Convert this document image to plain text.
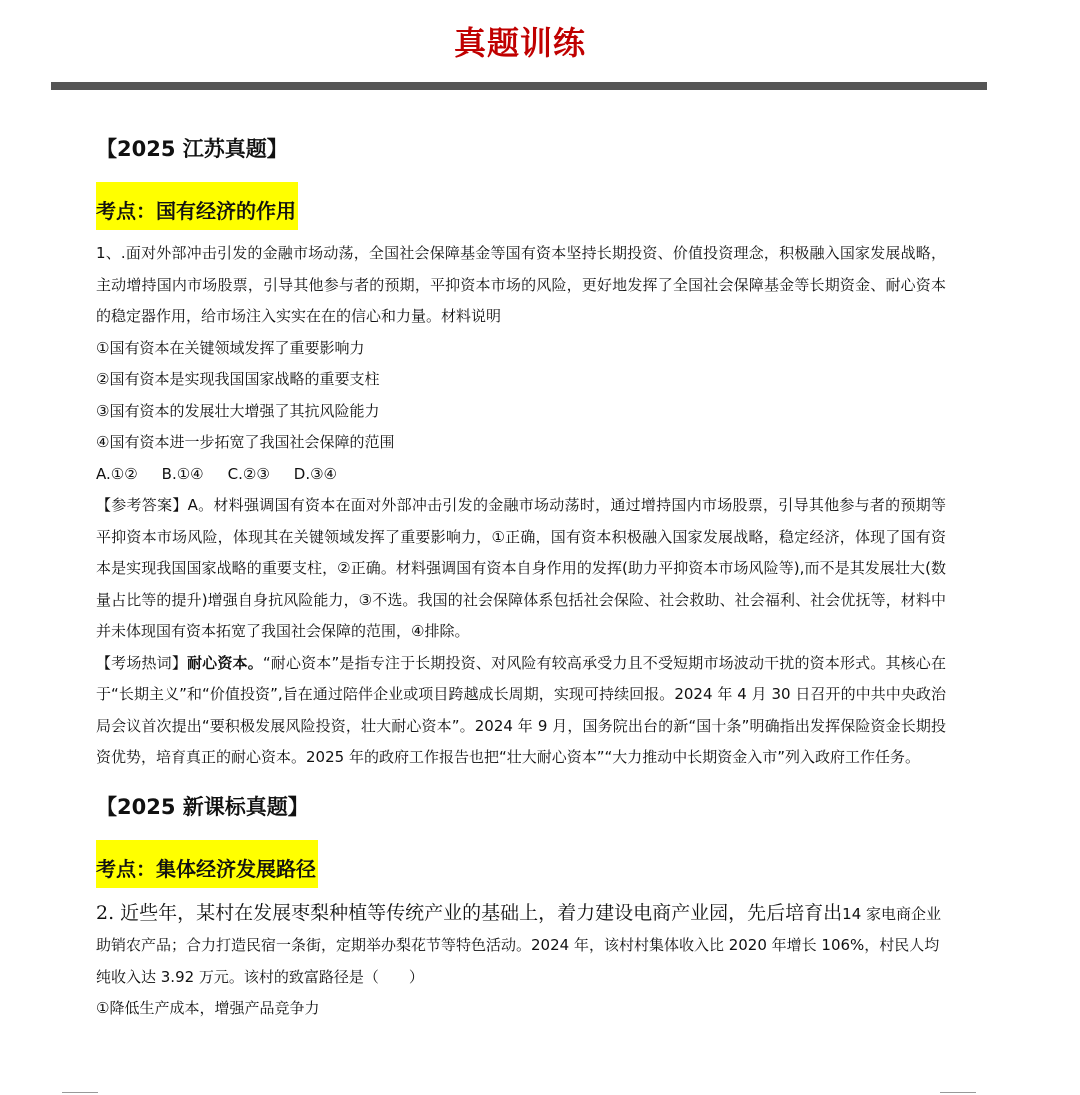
真题训练
【2025 江苏真题】
考点：国有经济的作用

1、.面对外部冲击引发的金融市场动荡，全国社会保障基金等国有资本坚持长期投资、价值投资理念，积极融入国家发展战略，主动增持国内市场股票，引导其他参与者的预期，平抑资本市场的风险，更好地发挥了全国社会保障基金等长期资金、耐心资本的稳定器作用，给市场注入实实在在的信心和力量。材料说明

①国有资本在关键领域发挥了重要影响力

②国有资本是实现我国国家战略的重要支柱

③国有资本的发展壮大增强了其抗风险能力

④国有资本进一步拓宽了我国社会保障的范围

A.①② B.①④ C.②③ D.③④

【参考答案】A。材料强调国有资本在面对外部冲击引发的金融市场动荡时，通过增持国内市场股票，引导其他参与者的预期等平抑资本市场风险，体现其在关键领域发挥了重要影响力，①正确，国有资本积极融入国家发展战略，稳定经济，体现了国有资本是实现我国国家战略的重要支柱，②正确。材料强调国有资本自身作用的发挥(助力平抑资本市场风险等),而不是其发展壮大(数量占比等的提升)增强自身抗风险能力，③不选。我国的社会保障体系包括社会保险、社会救助、社会福利、社会优抚等，材料中并未体现国有资本拓宽了我国社会保障的范围，④排除。

【考场热词】耐心资本。“耐心资本”是指专注于长期投资、对风险有较高承受力且不受短期市场波动干扰的资本形式。其核心在于“长期主义”和“价值投资”,旨在通过陪伴企业或项目跨越成长周期，实现可持续回报。2024 年 4 月 30 日召开的中共中央政治局会议首次提出“要积极发展风险投资，壮大耐心资本”。2024 年 9 月，国务院出台的新“国十条”明确指出发挥保险资金长期投资优势，培育真正的耐心资本。2025 年的政府工作报告也把“壮大耐心资本”“大力推动中长期资金入市”列入政府工作任务。

【2025 新课标真题】
考点：集体经济发展路径

2. 近些年，某村在发展枣梨种植等传统产业的基础上，着力建设电商产业园，先后培育出14 家电商企业助销农产品；合力打造民宿一条街，定期举办梨花节等特色活动。2024 年，该村村集体收入比 2020 年增长 106%，村民人均纯收入达 3.92 万元。该村的致富路径是（　　）

①降低生产成本，增强产品竞争力
